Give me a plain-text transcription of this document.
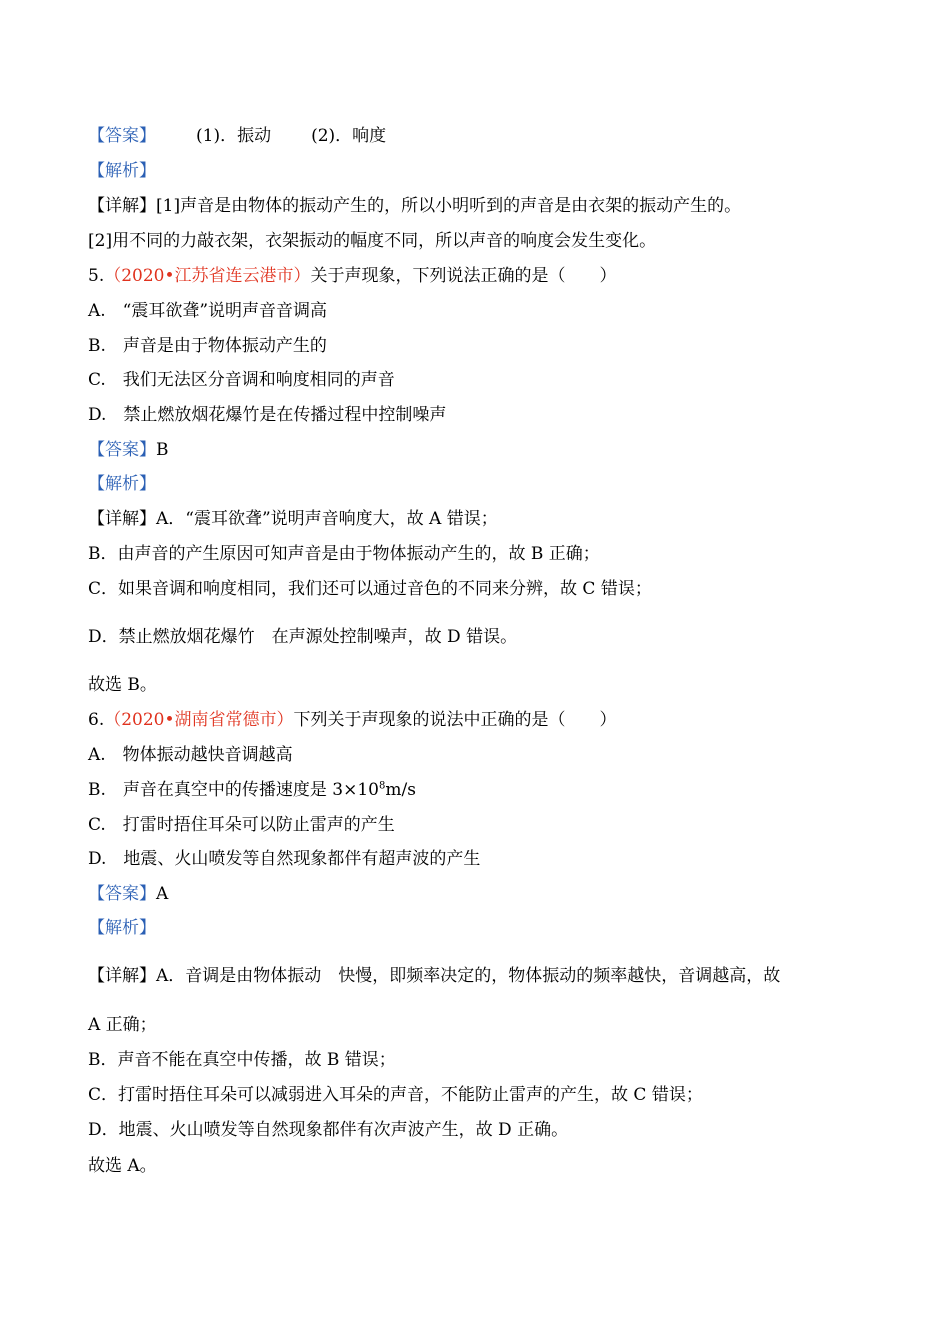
【答案】 (1)．振动 (2)．响度
【解析】
【详解】[1]声音是由物体的振动产生的，所以小明听到的声音是由衣架的振动产生的。
[2]用不同的力敲衣架，衣架振动的幅度不同，所以声音的响度会发生变化。
5.（2020•江苏省连云港市）关于声现象，下列说法正确的是（　　）
A.　“震耳欲聋”说明声音音调高
B.　声音是由于物体振动产生的
C.　我们无法区分音调和响度相同的声音
D.　禁止燃放烟花爆竹是在传播过程中控制噪声
【答案】B
【解析】
【详解】A．“震耳欲聋”说明声音响度大，故 A 错误；
B．由声音的产生原因可知声音是由于物体振动产生的，故 B 正确；
C．如果音调和响度相同，我们还可以通过音色的不同来分辨，故 C 错误；
D．禁止燃放烟花爆竹　在声源处控制噪声，故 D 错误。
故选 B。
6.（2020•湖南省常德市）下列关于声现象的说法中正确的是（　　）
A.　物体振动越快音调越高
B.　声音在真空中的传播速度是 $3\times 10^8m/s$
C.　打雷时捂住耳朵可以防止雷声的产生
D.　地震、火山喷发等自然现象都伴有超声波的产生
【答案】A
【解析】
【详解】A．音调是由物体振动　快慢，即频率决定的，物体振动的频率越快，音调越高，故
A 正确；
B．声音不能在真空中传播，故 B 错误；
C．打雷时捂住耳朵可以减弱进入耳朵的声音，不能防止雷声的产生，故 C 错误；
D．地震、火山喷发等自然现象都伴有次声波产生，故 D 正确。
故选 A。
